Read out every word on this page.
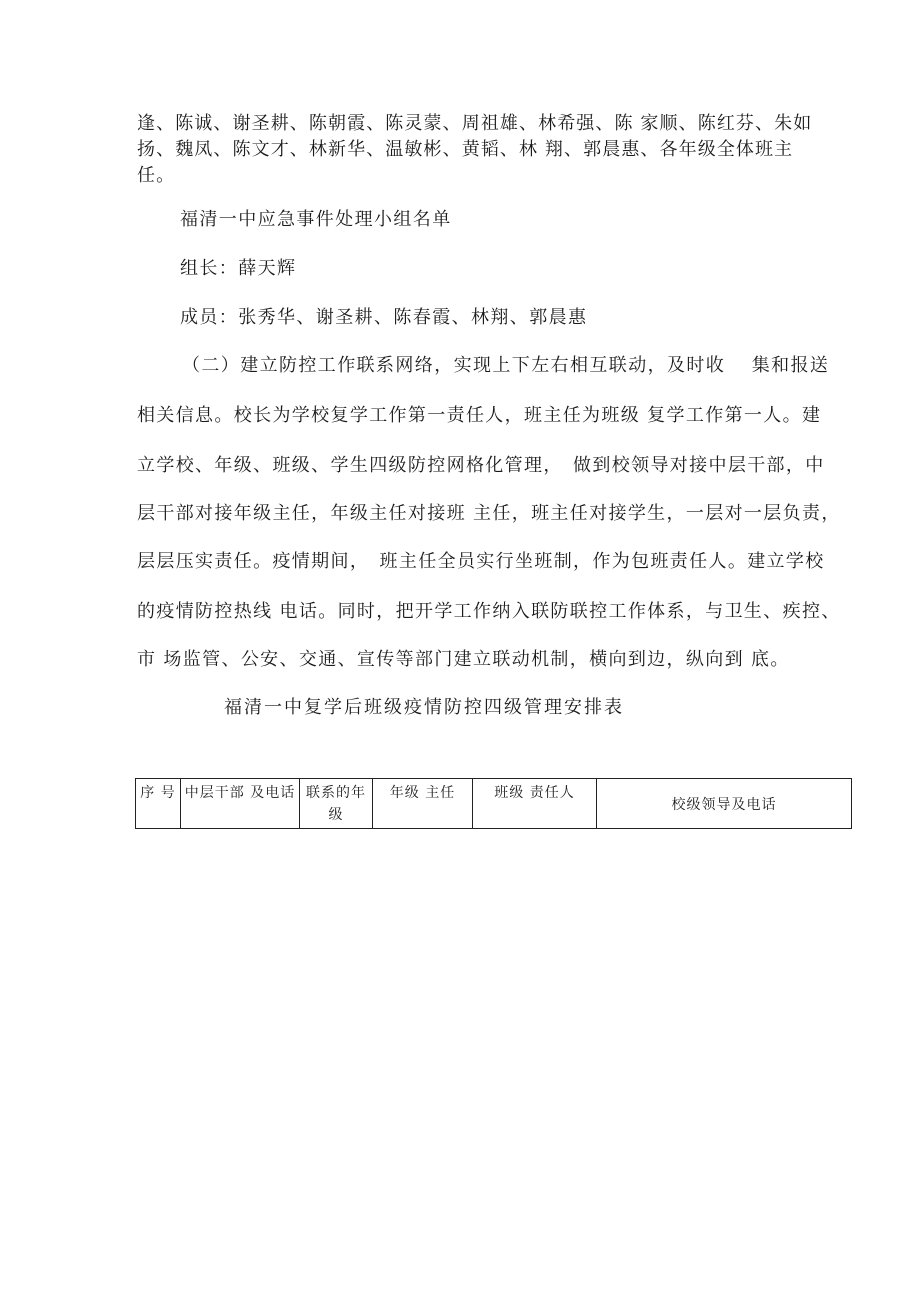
逢、陈诚、谢圣耕、陈朝霞、陈灵蒙、周祖雄、林希强、陈 家顺、陈红芬、朱如
扬、魏凤、陈文才、林新华、温敏彬、黄韬、林 翔、郭晨惠、各年级全体班主
任。
福清一中应急事件处理小组名单
组长：薛天辉
成员：张秀华、谢圣耕、陈春霞、林翔、郭晨惠
（二）建立防控工作联系网络，实现上下左右相互联动，及时收　 集和报送
相关信息。校长为学校复学工作第一责任人，班主任为班级 复学工作第一人。建
立学校、年级、班级、学生四级防控网格化管理，　做到校领导对接中层干部，中
层干部对接年级主任，年级主任对接班 主任，班主任对接学生，一层对一层负责，
层层压实责任。疫情期间，　班主任全员实行坐班制，作为包班责任人。建立学校
的疫情防控热线 电话。同时，把开学工作纳入联防联控工作体系，与卫生、疾控、
市 场监管、公安、交通、宣传等部门建立联动机制，横向到边，纵向到 底。
福清一中复学后班级疫情防控四级管理安排表
序 号	中层干部 及电话	联系的年级	年级 主任	班级 责任人	校级领导及电话
